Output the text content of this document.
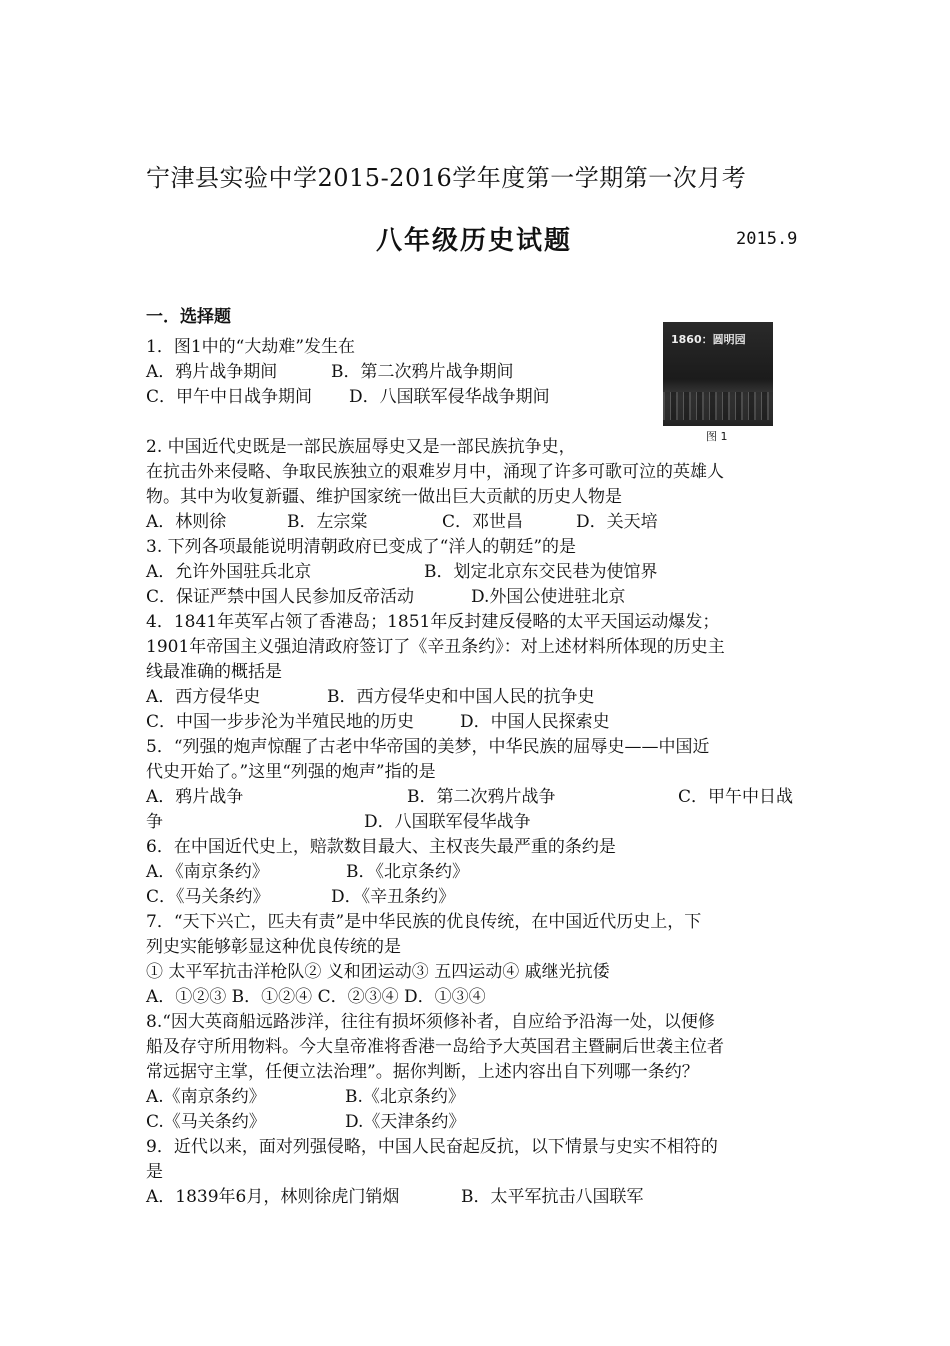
宁津县实验中学2015-2016学年度第一学期第一次月考
八年级历史试题	2015.9
一．选择题
1860：圆明园
图 1
1．图1中的“大劫难”发生在
A．鸦片战争期间	B．第二次鸦片战争期间
C．甲午中日战争期间 D．八国联军侵华战争期间
2. 中国近代史既是一部民族屈辱史又是一部民族抗争史，
在抗击外来侵略、争取民族独立的艰难岁月中，涌现了许多可歌可泣的英雄人
物。其中为收复新疆、维护国家统一做出巨大贡献的历史人物是
A．林则徐	B．左宗棠	C．邓世昌	D．关天培
3. 下列各项最能说明清朝政府已变成了“洋人的朝廷”的是
A．允许外国驻兵北京	B．划定北京东交民巷为使馆界
C．保证严禁中国人民参加反帝活动	D.外国公使进驻北京
4．1841年英军占领了香港岛；1851年反封建反侵略的太平天国运动爆发；
1901年帝国主义强迫清政府签订了《辛丑条约》：对上述材料所体现的历史主
线最准确的概括是
A．西方侵华史	B．西方侵华史和中国人民的抗争史
C．中国一步步沦为半殖民地的历史	D．中国人民探索史
5．“列强的炮声惊醒了古老中华帝国的美梦，中华民族的屈辱史——中国近
代史开始了。”这里“列强的炮声”指的是
A．鸦片战争	B．第二次鸦片战争	C．甲午中日战
争	D．八国联军侵华战争
6．在中国近代史上，赔款数目最大、主权丧失最严重的条约是
A．《南京条约》	B．《北京条约》
C．《马关条约》	D．《辛丑条约》
7．“天下兴亡，匹夫有责”是中华民族的优良传统，在中国近代历史上，下
列史实能够彰显这种优良传统的是
① 太平军抗击洋枪队② 义和团运动③ 五四运动④ 戚继光抗倭
A．①②③ B．①②④ C．②③④ D．①③④
8.“因大英商船远路涉洋，往往有损坏须修补者，自应给予沿海一处，以便修
船及存守所用物料。今大皇帝准将香港一岛给予大英国君主暨嗣后世袭主位者
常远据守主掌，任便立法治理”。据你判断，上述内容出自下列哪一条约？
A.《南京条约》	B.《北京条约》
C.《马关条约》	D.《天津条约》
9．近代以来，面对列强侵略，中国人民奋起反抗，以下情景与史实不相符的
是
A．1839年6月，林则徐虎门销烟	B．太平军抗击八国联军
